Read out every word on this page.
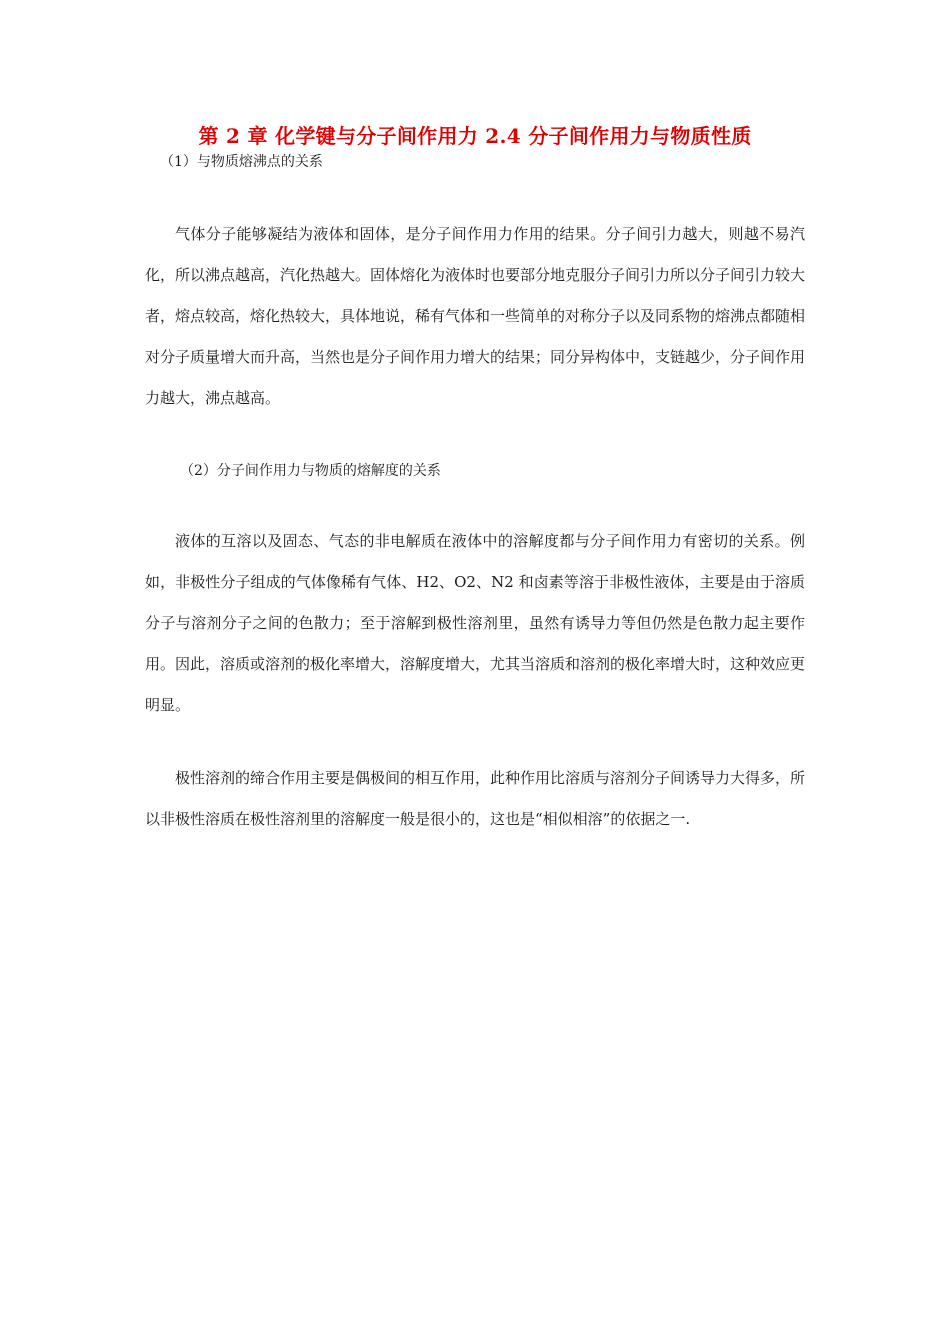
第 2 章 化学键与分子间作用力 2.4 分子间作用力与物质性质
（1）与物质熔沸点的关系

气体分子能够凝结为液体和固体，是分子间作用力作用的结果。分子间引力越大，则越不易汽化，所以沸点越高，汽化热越大。固体熔化为液体时也要部分地克服分子间引力所以分子间引力较大者，熔点较高，熔化热较大，具体地说，稀有气体和一些简单的对称分子以及同系物的熔沸点都随相对分子质量增大而升高，当然也是分子间作用力增大的结果；同分异构体中，支链越少，分子间作用力越大，沸点越高。

（2）分子间作用力与物质的熔解度的关系

液体的互溶以及固态、气态的非电解质在液体中的溶解度都与分子间作用力有密切的关系。例如，非极性分子组成的气体像稀有气体、H2、O2、N2 和卤素等溶于非极性液体，主要是由于溶质分子与溶剂分子之间的色散力；至于溶解到极性溶剂里，虽然有诱导力等但仍然是色散力起主要作用。因此，溶质或溶剂的极化率增大，溶解度增大，尤其当溶质和溶剂的极化率增大时，这种效应更明显。

极性溶剂的缔合作用主要是偶极间的相互作用，此种作用比溶质与溶剂分子间诱导力大得多，所以非极性溶质在极性溶剂里的溶解度一般是很小的，这也是“相似相溶”的依据之一.
